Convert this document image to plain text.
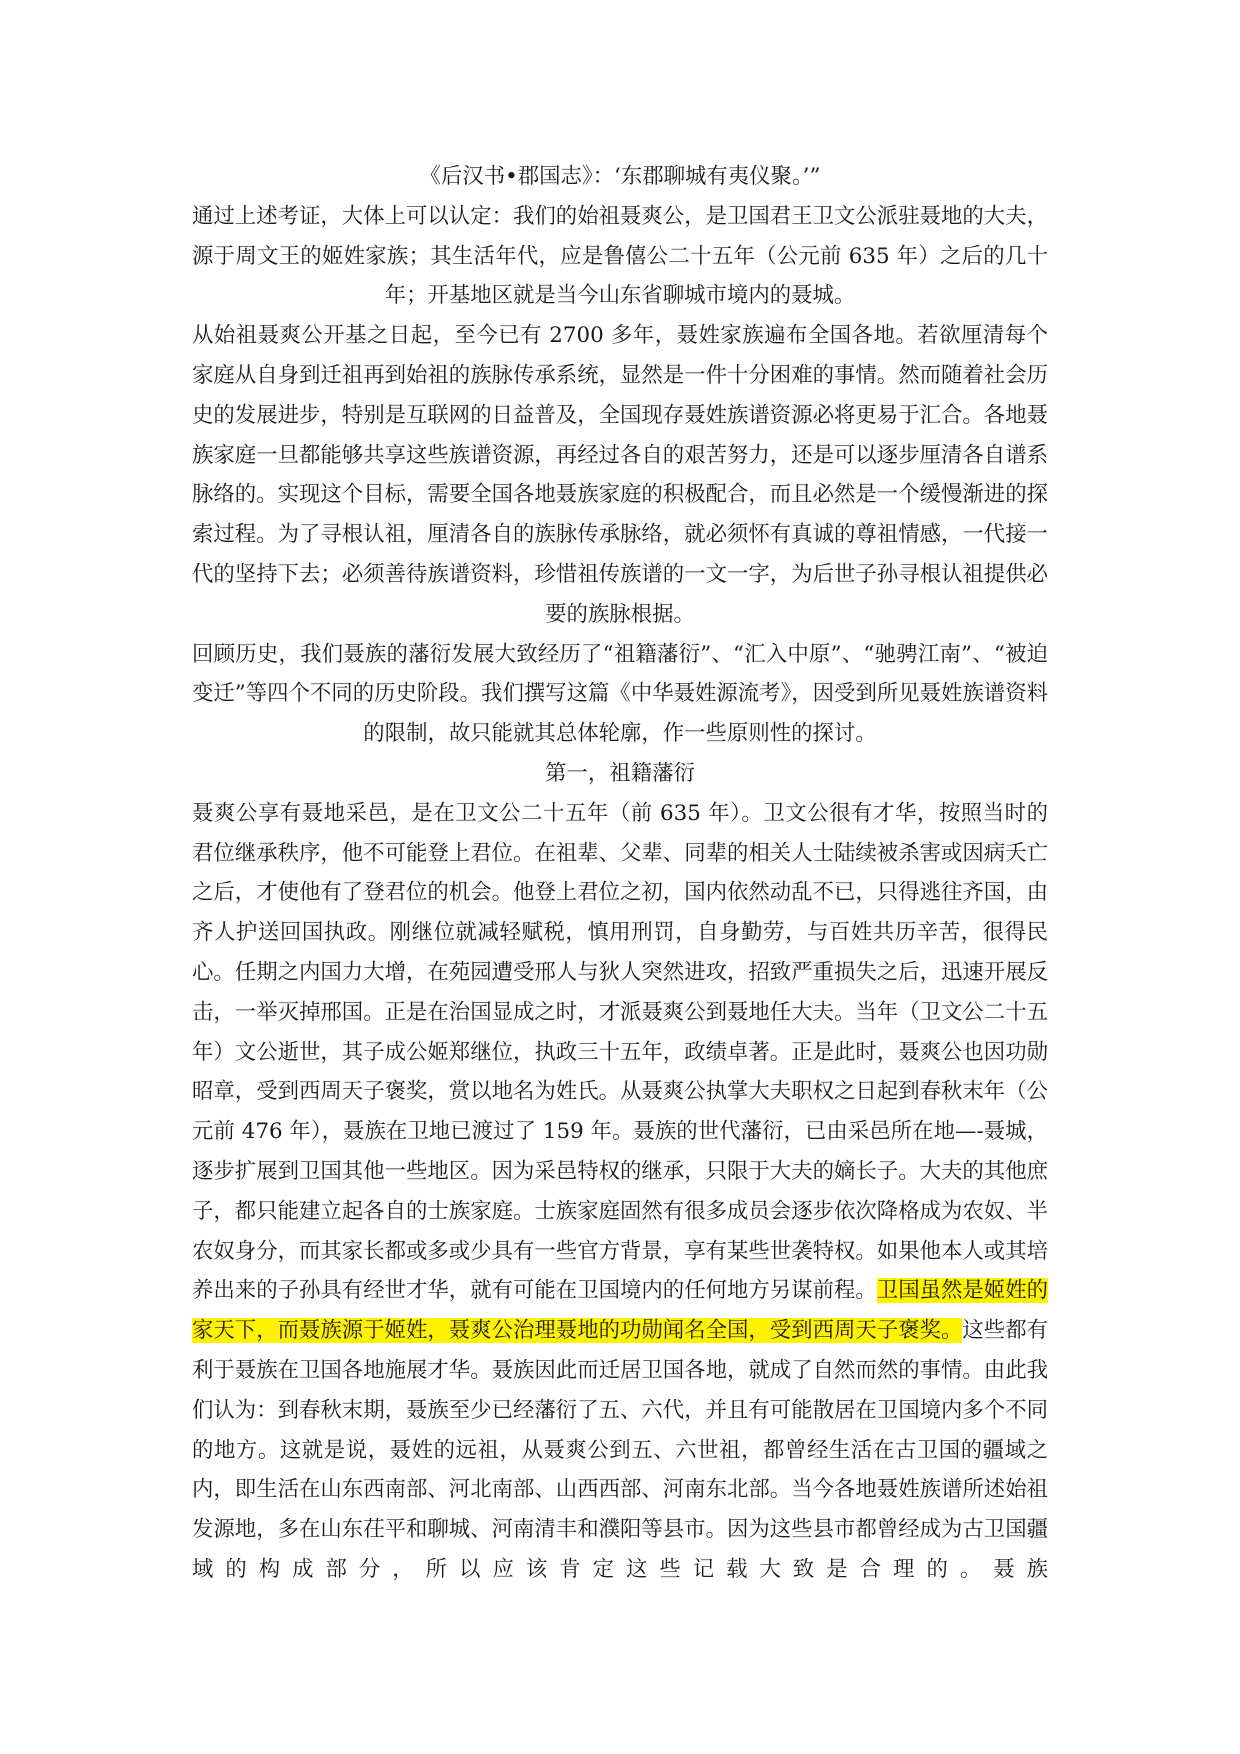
《后汉书•郡国志》：‘东郡聊城有夷仪聚。’”

通过上述考证，大体上可以认定：我们的始祖聂爽公，是卫国君王卫文公派驻聂地的大夫，源于周文王的姬姓家族；其生活年代，应是鲁僖公二十五年（公元前 635 年）之后的几十年；开基地区就是当今山东省聊城市境内的聂城。

从始祖聂爽公开基之日起，至今已有 2700 多年，聂姓家族遍布全国各地。若欲厘清每个家庭从自身到迁祖再到始祖的族脉传承系统，显然是一件十分困难的事情。然而随着社会历史的发展进步，特别是互联网的日益普及，全国现存聂姓族谱资源必将更易于汇合。各地聂族家庭一旦都能够共享这些族谱资源，再经过各自的艰苦努力，还是可以逐步厘清各自谱系脉络的。实现这个目标，需要全国各地聂族家庭的积极配合，而且必然是一个缓慢渐进的探索过程。为了寻根认祖，厘清各自的族脉传承脉络，就必须怀有真诚的尊祖情感，一代接一代的坚持下去；必须善待族谱资料，珍惜祖传族谱的一文一字，为后世子孙寻根认祖提供必要的族脉根据。

回顾历史，我们聂族的藩衍发展大致经历了“祖籍藩衍”、“汇入中原”、“驰骋江南”、“被迫变迁”等四个不同的历史阶段。我们撰写这篇《中华聂姓源流考》，因受到所见聂姓族谱资料的限制，故只能就其总体轮廓，作一些原则性的探讨。

第一，祖籍藩衍

聂爽公享有聂地采邑，是在卫文公二十五年（前 635 年）。卫文公很有才华，按照当时的君位继承秩序，他不可能登上君位。在祖辈、父辈、同辈的相关人士陆续被杀害或因病夭亡之后，才使他有了登君位的机会。他登上君位之初，国内依然动乱不已，只得逃往齐国，由齐人护送回国执政。刚继位就减轻赋税，慎用刑罚，自身勤劳，与百姓共历辛苦，很得民心。任期之内国力大增，在苑园遭受邢人与狄人突然进攻，招致严重损失之后，迅速开展反击，一举灭掉邢国。正是在治国显成之时，才派聂爽公到聂地任大夫。当年（卫文公二十五年）文公逝世，其子成公姬郑继位，执政三十五年，政绩卓著。正是此时，聂爽公也因功勋昭章，受到西周天子褒奖，赏以地名为姓氏。从聂爽公执掌大夫职权之日起到春秋末年（公元前 476 年），聂族在卫地已渡过了 159 年。聂族的世代藩衍，已由采邑所在地—-聂城，逐步扩展到卫国其他一些地区。因为采邑特权的继承，只限于大夫的嫡长子。大夫的其他庶子，都只能建立起各自的士族家庭。士族家庭固然有很多成员会逐步依次降格成为农奴、半农奴身分，而其家长都或多或少具有一些官方背景，享有某些世袭特权。如果他本人或其培养出来的子孙具有经世才华，就有可能在卫国境内的任何地方另谋前程。卫国虽然是姬姓的家天下，而聂族源于姬姓，聂爽公治理聂地的功勋闻名全国，受到西周天子褒奖。这些都有利于聂族在卫国各地施展才华。聂族因此而迁居卫国各地，就成了自然而然的事情。由此我们认为：到春秋末期，聂族至少已经藩衍了五、六代，并且有可能散居在卫国境内多个不同的地方。这就是说，聂姓的远祖，从聂爽公到五、六世祖，都曾经生活在古卫国的疆域之内，即生活在山东西南部、河北南部、山西西部、河南东北部。当今各地聂姓族谱所述始祖发源地，多在山东茌平和聊城、河南清丰和濮阳等县市。因为这些县市都曾经成为古卫国疆域的构成部分，所以应该肯定这些记载大致是合理的。聂族
